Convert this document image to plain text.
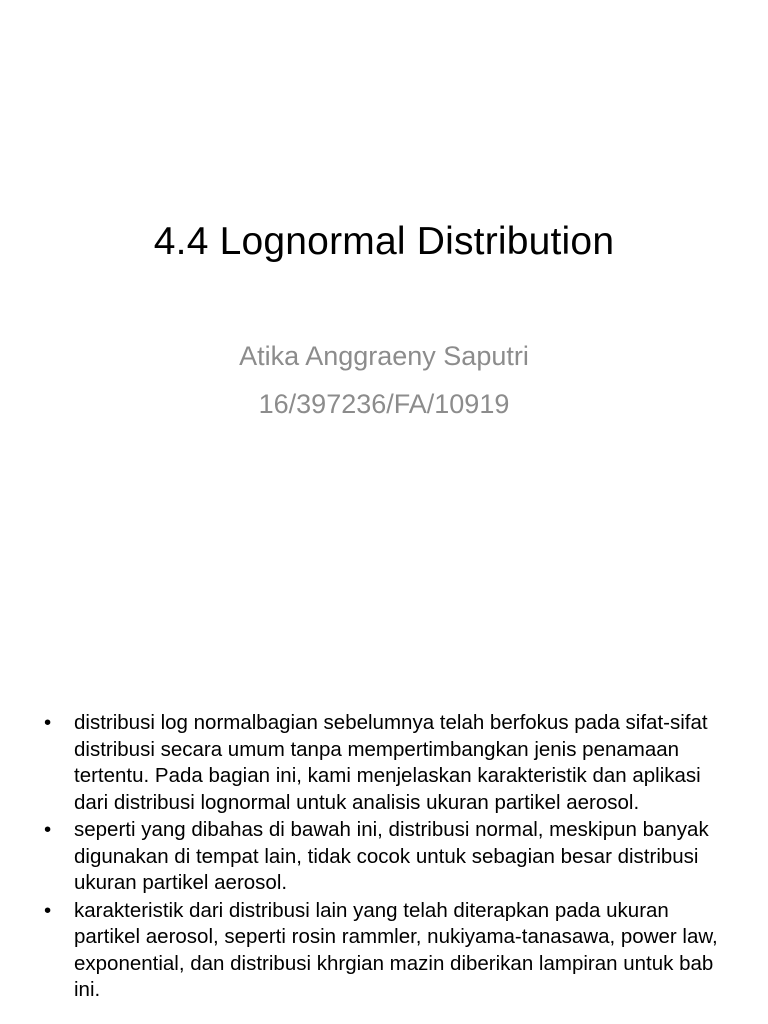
4.4 Lognormal Distribution
Atika Anggraeny Saputri
16/397236/FA/10919
•	distribusi log normalbagian sebelumnya telah berfokus pada sifat-sifat distribusi secara umum tanpa mempertimbangkan jenis penamaan tertentu. Pada bagian ini, kami menjelaskan karakteristik dan aplikasi dari distribusi lognormal untuk analisis ukuran partikel aerosol.
•	seperti yang dibahas di bawah ini, distribusi normal, meskipun banyak digunakan di tempat lain, tidak cocok untuk sebagian besar distribusi ukuran partikel aerosol.
•	karakteristik dari distribusi lain yang telah diterapkan pada ukuran partikel aerosol, seperti rosin rammler, nukiyama-tanasawa, power law, exponential, dan distribusi khrgian mazin diberikan lampiran untuk bab ini.
